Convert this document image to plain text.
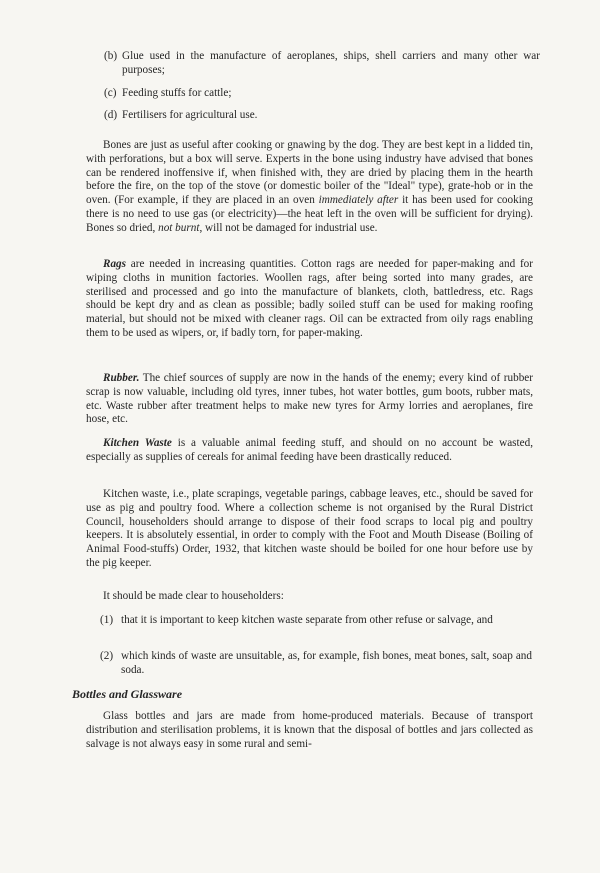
(b) Glue used in the manufacture of aeroplanes, ships, shell carriers and many other war purposes;
(c) Feeding stuffs for cattle;
(d) Fertilisers for agricultural use.

Bones are just as useful after cooking or gnawing by the dog. They are best kept in a lidded tin, with perforations, but a box will serve. Experts in the bone using industry have advised that bones can be rendered inoffensive if, when finished with, they are dried by placing them in the hearth before the fire, on the top of the stove (or domestic boiler of the "Ideal" type), grate-hob or in the oven. (For example, if they are placed in an oven immediately after it has been used for cooking there is no need to use gas (or electricity)—the heat left in the oven will be sufficient for drying). Bones so dried, not burnt, will not be damaged for industrial use.

Rags are needed in increasing quantities. Cotton rags are needed for paper-making and for wiping cloths in munition factories. Woollen rags, after being sorted into many grades, are sterilised and processed and go into the manufacture of blankets, cloth, battledress, etc. Rags should be kept dry and as clean as possible; badly soiled stuff can be used for making roofing material, but should not be mixed with cleaner rags. Oil can be extracted from oily rags enabling them to be used as wipers, or, if badly torn, for paper-making.

Rubber. The chief sources of supply are now in the hands of the enemy; every kind of rubber scrap is now valuable, including old tyres, inner tubes, hot water bottles, gum boots, rubber mats, etc. Waste rubber after treatment helps to make new tyres for Army lorries and aeroplanes, fire hose, etc.

Kitchen Waste is a valuable animal feeding stuff, and should on no account be wasted, especially as supplies of cereals for animal feeding have been drastically reduced.

Kitchen waste, i.e., plate scrapings, vegetable parings, cabbage leaves, etc., should be saved for use as pig and poultry food. Where a collection scheme is not organised by the Rural District Council, householders should arrange to dispose of their food scraps to local pig and poultry keepers. It is absolutely essential, in order to comply with the Foot and Mouth Disease (Boiling of Animal Food-stuffs) Order, 1932, that kitchen waste should be boiled for one hour before use by the pig keeper.

It should be made clear to householders:

(1) that it is important to keep kitchen waste separate from other refuse or salvage, and
(2) which kinds of waste are unsuitable, as, for example, fish bones, meat bones, salt, soap and soda.
Bottles and Glassware

Glass bottles and jars are made from home-produced materials. Because of transport distribution and sterilisation problems, it is known that the disposal of bottles and jars collected as salvage is not always easy in some rural and semi-
